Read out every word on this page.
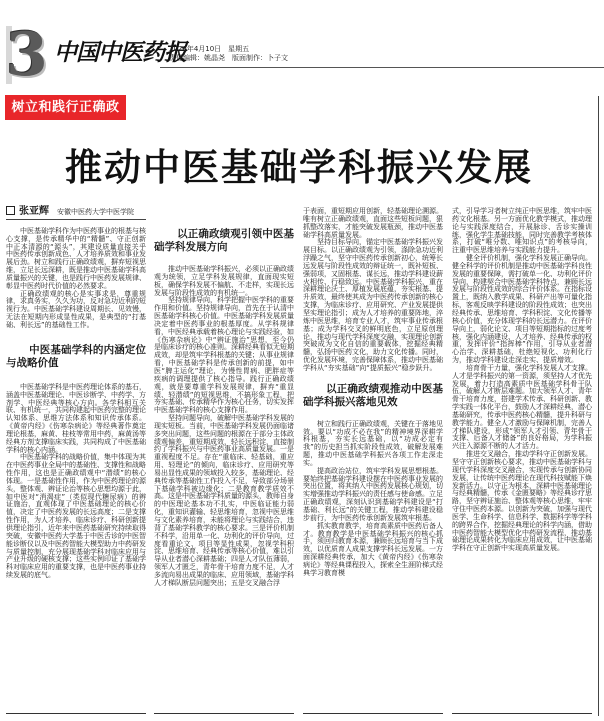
3 中国中医药报
2026年4月10日　星期五
责任编辑：姚晶尧　版面制作：卜子文
树立和践行正确政绩观
推动中医基础学科振兴发展
张亚辉 安徽中医药大学中医学院

中医基础学科作为中医药事业的根基与核心支撑，是传承精华中的“精髓”、守正创新中正本清源的“源头”，其建设质量直接关乎中医药传承创新成色、人才培养质效和事业发展后劲。树立和践行正确政绩观，摒弃短视思维，立足长远深耕，既是推动中医基础学科高质量振兴的关键，也是践行中医药发展规律、彰显中医药时代价值的必然要求。

正确政绩观的核心是实事求是，尊重规律，求真务实，久久为功，反对急功近利的短视行为。中医基础学科建设周期长、见效慢，无法在短期内形成显性成果，是典型的“打基础、利长远”的基础性工作。

中医基础学科的内涵定位与战略价值

中医基础学科是中医药理论体系的基石，涵盖中医基础理论、中医诊断学、中药学、方剂学、中医经典等核心方向。各学科相互关联、有机统一，共同构建起中医药完整的理论认知体系、思维方法体系和知识传承体系。《黄帝内经》《伤寒杂病论》等经典著作奠定理论根基，麻黄、桂枝等常用中药，麻黄汤等经典方剂支撑临床实践，共同构成了中医基础学科的核心内涵。

中医基础学科的战略价值，集中体现为其在中医药事业全局中的基础性、支撑性和战略性作用，这也是正确政绩观中“潜绩”的核心体现。一是基础性作用，作为中医药理论的源头，整体观、辨证论治等核心思想均源于此，如中医对“消渴症”（类似现代糖尿病）的辨证施治，直观体现了中医基础理论的核心价值，决定了中医药发展的长远高度；二是支撑性作用，为人才培养、临床诊疗、科研创新提供理论指引，近年来中医药基础研究持续取得突破，安徽中医药大学基于中医舌诊的中医智能诊断仪以及中医药智能大模型助力中药研发与质量控制，充分展现基础学科对临床应用与产业升级的硬核支撑；这些实例印证了基础学科对临床应用的重要支撑，也是中医药事业持续发展的底气。

以正确政绩观引领中医基础学科发展方向

推动中医基础学科振兴，必须以正确政绩观为统领，立足学科发展规律，直面现实短板，确保学科发展不偏航、不走样，实现长远发展与阶段性成效的有机统一。

坚持规律导向，科学把握中医学科的重要作用和价值。坚持规律导向，首先在于认清中医基础学科核心价值。中医基础学科发展质量决定着中医药事业的根基厚度。从学科规律看，中医经典承载着核心理论与实践经验，如《伤寒杂病论》中“辨证施治”思想，至今仍是临床诊疗的核心准则。深耕经典看似无短期成效，却是筑牢学科根基的关键；从事业规律看，中医基础学科是传承创新的前提，如中医“脾主运化”理论，为慢性胃病、肥胖症等疾病的调理提供了核心指导。践行正确政绩观，就是要尊重学科发展规律，摒弃“重显绩、轻潜绩”的短视思维，不搞形象工程，把夯实基础、传承精华作为核心任务，切实发挥中医基础学科的核心支撑作用。

坚持问题导向，破解中医基础学科发展的现实短板。当前，中医基础学科发展仍面临诸多突出问题，这些问题的根源在于部分主体政绩观偏差，重短期成效，轻长远积淀，直接制约了学科振兴与中医药事业高质量发展。一是重视程度不足。存在“重临床、轻基础，重应用、轻理论”的倾向，临床诊疗、应用研究等易出显性成果的领域投入较多，基础理论、经典传承等基础性工作投入不足，导致部分场景下基础学科被边缘化；二是教育教学质效不高。这是中医基础学科质量的源头，教师自身的中医理论基本功不扎实，中医临证能力弱化，重知识灌输、轻思维培育，忽视中医思维与文化素养培育，未能将理论与实践结合，违背了基础学科教学的核心要求。三是评价机制不科学，沿用单一化、功利化的评价导向，过度看重论文、项目等显性成果，忽视学科积淀、思维培育、经典传承等核心价值，难以引导从业者潜心深耕基础；四是人才队伍薄弱，领军人才匮乏，青年骨干培育力度不足，人才多流向易出成果的临床、应用领域，基础学科人才梯队断层问题突出；五是交叉融合浮

于表面，重短期应用创新，轻基础理论溯源。唯有树立正确政绩观，直面这些短板问题，狠抓整改落实，才能突破发展瓶颈，推动中医基础学科高质量发展。

坚持目标导向，锚定中医基础学科振兴发展目标。以正确政绩观为引领，涤除急功近利浮躁之气，坚守中医药传承创新初心，统筹长远发展与阶段性成效的辩证统一，既补短板、强弱项，又固根基、谋长远，推动学科建设薪火相传、行稳致远。中医基础学科振兴，重在深耕理论沃土、厚植发展底蕴，夯实根基、提升质效，最终使其成为中医药传承创新的核心支撑，为临床诊疗、应用研究、产业发展提供坚实理论指引；成为人才培养的重要阵地，淬炼中医思维，培育专业人才，筑牢事业传承根基；成为学科交叉的鲜明底色，立足原创理论，推动与现代学科深度交融，实现理论创新突破成为文化自信的重要载体，挖掘经典精髓，弘扬中医药文化，助力文化传播。同时，优化发展环境，完善保障体系，推动中医基础学科从“夯实基础”向“提质振兴”稳步跃升。

以正确政绩观推动中医基础学科振兴落地见效

树立和践行正确政绩观，关键在于落地见效。要以“功成不必在我”的精神境界深耕学科根基，夯实长远基础，以“功成必定有我”的历史担当抓实阶段性成效，破解发展难题，推动中医基础学科振兴各项工作走深走实。

提高政治站位，筑牢学科发展思想根基。要始终把基础学科建设摆在中医药事业发展的突出位置，将其纳入中医药发展核心规划，切实增强推动学科振兴的责任感与使命感。立足正确政绩观，深刻认识到基础学科建设是“打基础、利长远”的关键工程，推动学科建设稳步前行，为中医药传承创新发展筑牢根基。

抓实教育教学，培育高素质中医药后备人才。教育教学是中医基础学科振兴的核心抓手，须回归教育本源，兼顾长远培育与当下成效，以优质育人成果支撑学科长远发展。一方面深耕经典传承，加大《黄帝内经》《伤寒杂病论》等经典课程投入，探索全生涯阶梯式经典学习教育模

式，引导学习者树立纯正中医思维，筑牢中医药文化根基。另一方面优化教学模式，推动理论与实践深度结合，开展脉诊、舌诊实操训练，强化学生基础技能，同时完善教学考核体系，打破“唯分数、唯知识点”的考核导向，注重中医思维培养与实践能力提升。

健全评价机制，强化学科发展正确导向。健全科学的评价机制是推动中医基础学科良性发展的重要保障，需打破单一化、功利化评价导向，构建契合中医基础学科特点，兼顾长远发展与阶段性成效的综合评价体系。在指标设置上，既纳入教学成果、科研产出等可量化指标，客观反映学科建设的阶段性成效；也突出经典传承、思维培育、学科积淀、文化传播等核心价值，充分体现学科的长远潜力。在评价导向上，弱化论文、项目等短期指标的过度考核，强化内涵建设、人才培养、经典传承的权重，发挥评价“指挥棒”作用，引导从业者潜心治学、深耕基础，杜绝短视化、功利化行为，推动学科建设走深走实、提质增效。

培育骨干力量，强化学科发展人才支撑。人才是学科振兴的第一资源，须坚持人才优先发展，着力打造高素质中医基础学科骨干队伍，破解人才断层难题。加大领军人才、青年骨干培育力度，搭建学术传承、科研创新、教学实践一体化平台，鼓励人才深耕经典，潜心基础研究，传承中医药核心精髓，提升科研与教学能力。健全人才激励与保障机制，完善人才梯队建设，形成“领军人才引领、青年骨干支撑、后备人才储备”的良好格局，为学科振兴注入源源不断的人才活力。

推进交叉融合，推动学科守正创新发展。坚守守正创新核心要求，推动中医基础学科与现代学科深度交叉融合，实现传承与创新协同发展，让传统中医药理论在现代科技赋能下焕发新活力。以守正为根本，深耕中医基础理论与经典精髓，传承《金匮要略》等经典诊疗思路，坚守辨证施治、整体观等核心思维，牢牢守住中医药本源。以创新为突破，加强与现代医学、生命科学、信息科学、数据科学等学科的跨界合作，挖掘经典理论的科学内涵，借助中医药智能大模型优化中药研发流程，推动基础理论成果转化为临床应用成效，让中医基础学科在守正创新中实现高质量发展。
